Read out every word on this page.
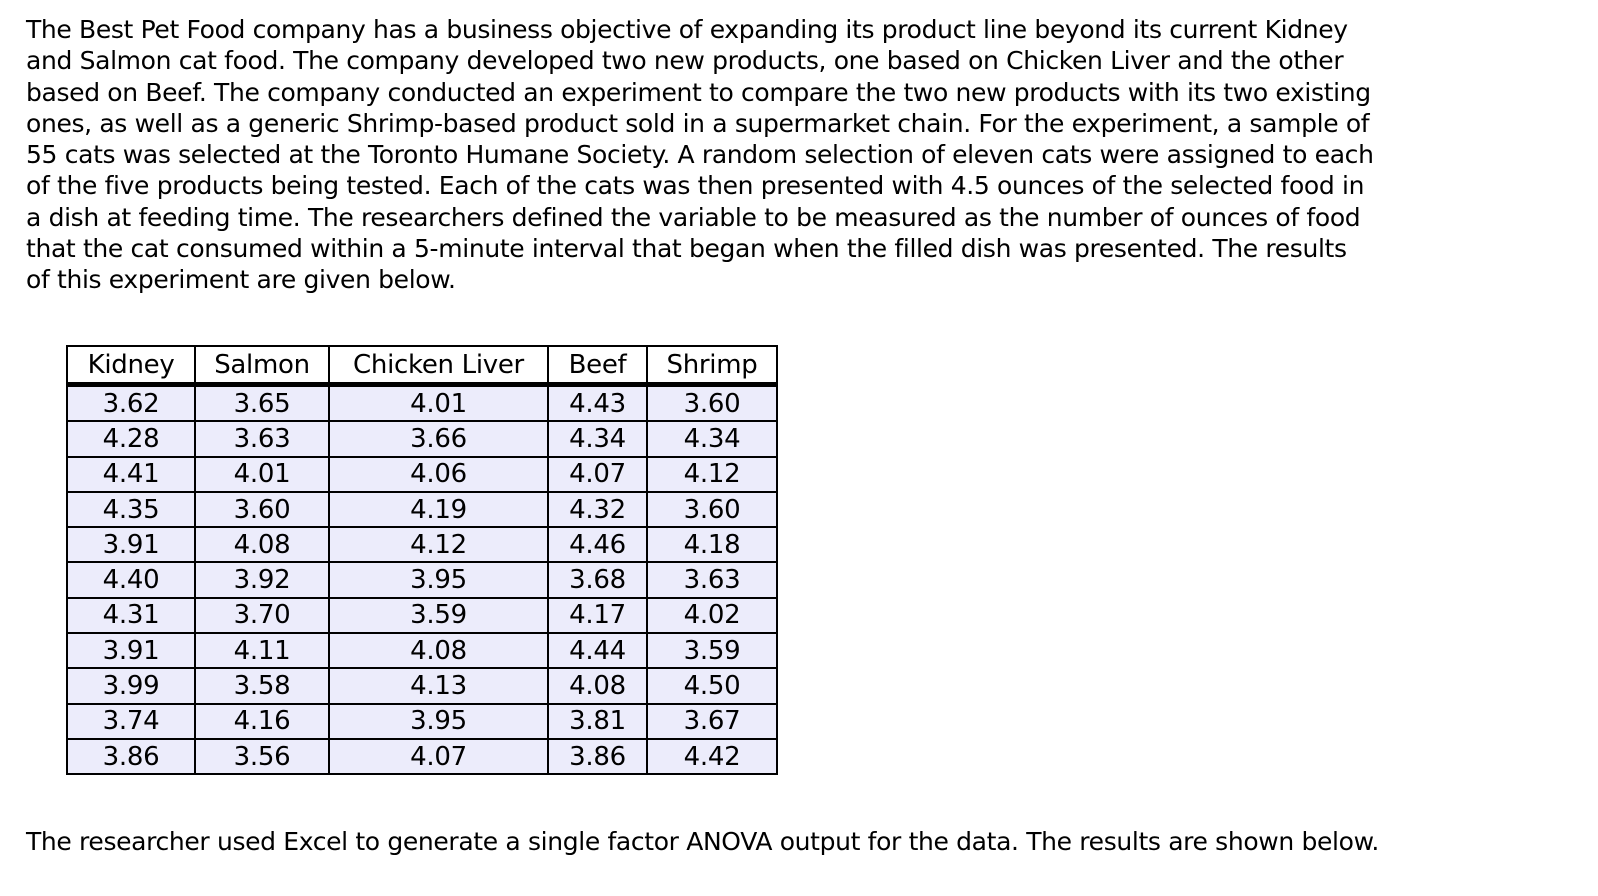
The Best Pet Food company has a business objective of expanding its product line beyond its current Kidney
and Salmon cat food. The company developed two new products, one based on Chicken Liver and the other
based on Beef. The company conducted an experiment to compare the two new products with its two existing
ones, as well as a generic Shrimp-based product sold in a supermarket chain. For the experiment, a sample of
55 cats was selected at the Toronto Humane Society. A random selection of eleven cats were assigned to each
of the five products being tested. Each of the cats was then presented with 4.5 ounces of the selected food in
a dish at feeding time. The researchers defined the variable to be measured as the number of ounces of food
that the cat consumed within a 5-minute interval that began when the filled dish was presented. The results
of this experiment are given below.

Kidney	Salmon	Chicken Liver	Beef	Shrimp
3.62	3.65	4.01	4.43	3.60
4.28	3.63	3.66	4.34	4.34
4.41	4.01	4.06	4.07	4.12
4.35	3.60	4.19	4.32	3.60
3.91	4.08	4.12	4.46	4.18
4.40	3.92	3.95	3.68	3.63
4.31	3.70	3.59	4.17	4.02
3.91	4.11	4.08	4.44	3.59
3.99	3.58	4.13	4.08	4.50
3.74	4.16	3.95	3.81	3.67
3.86	3.56	4.07	3.86	4.42

The researcher used Excel to generate a single factor ANOVA output for the data. The results are shown below.
